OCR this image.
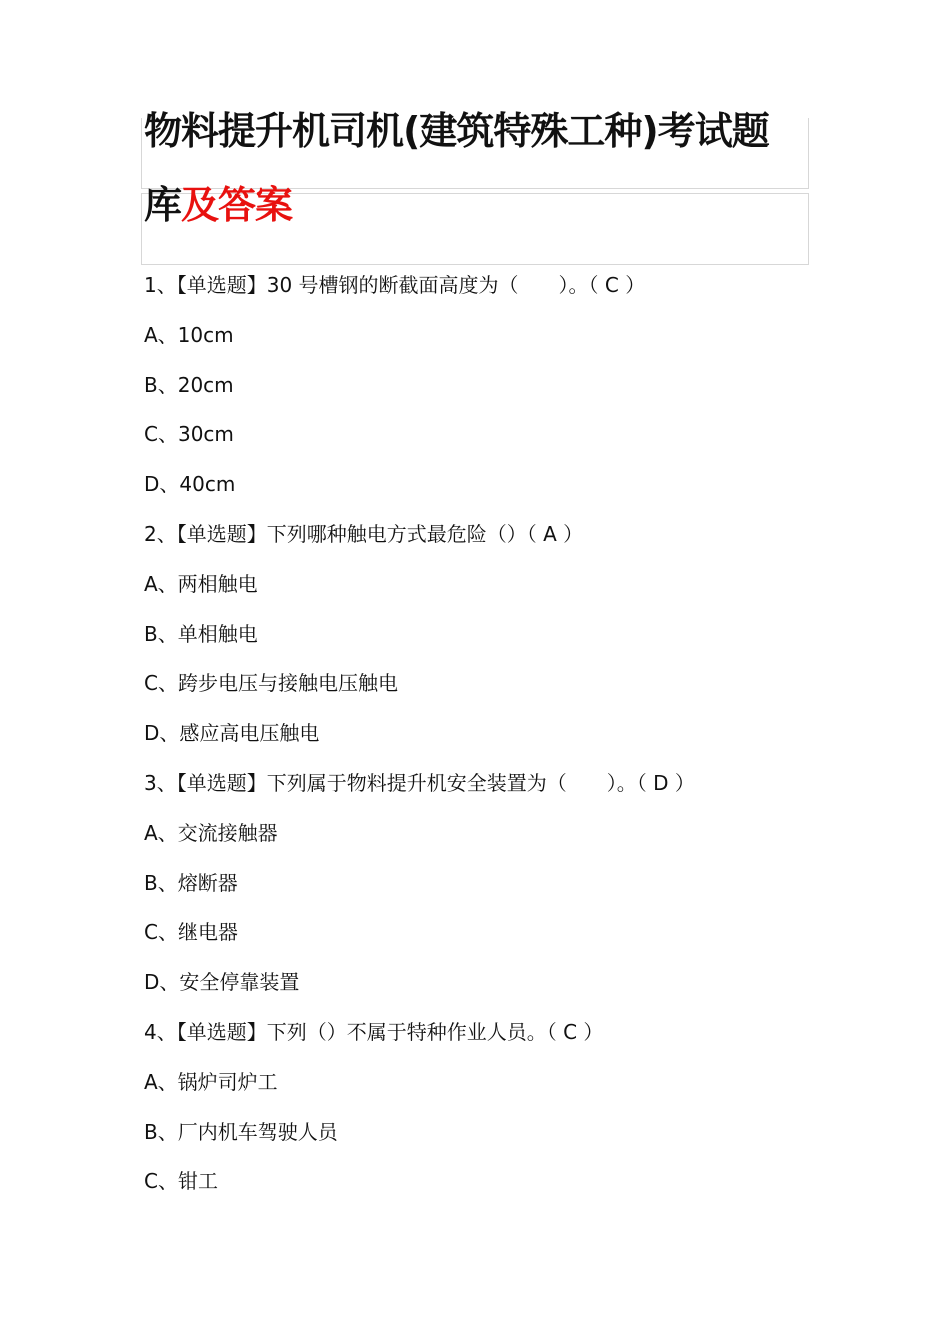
物料提升机司机(建筑特殊工种)考试题
库及答案
1、【单选题】30 号槽钢的断截面高度为（　　）。（ C ）
A、10cm
B、20cm
C、30cm
D、40cm
2、【单选题】下列哪种触电方式最危险（）（ A ）
A、两相触电
B、单相触电
C、跨步电压与接触电压触电
D、感应高电压触电
3、【单选题】下列属于物料提升机安全装置为（　　）。（ D ）
A、交流接触器
B、熔断器
C、继电器
D、安全停靠装置
4、【单选题】下列（）不属于特种作业人员。（ C ）
A、锅炉司炉工
B、厂内机车驾驶人员
C、钳工
